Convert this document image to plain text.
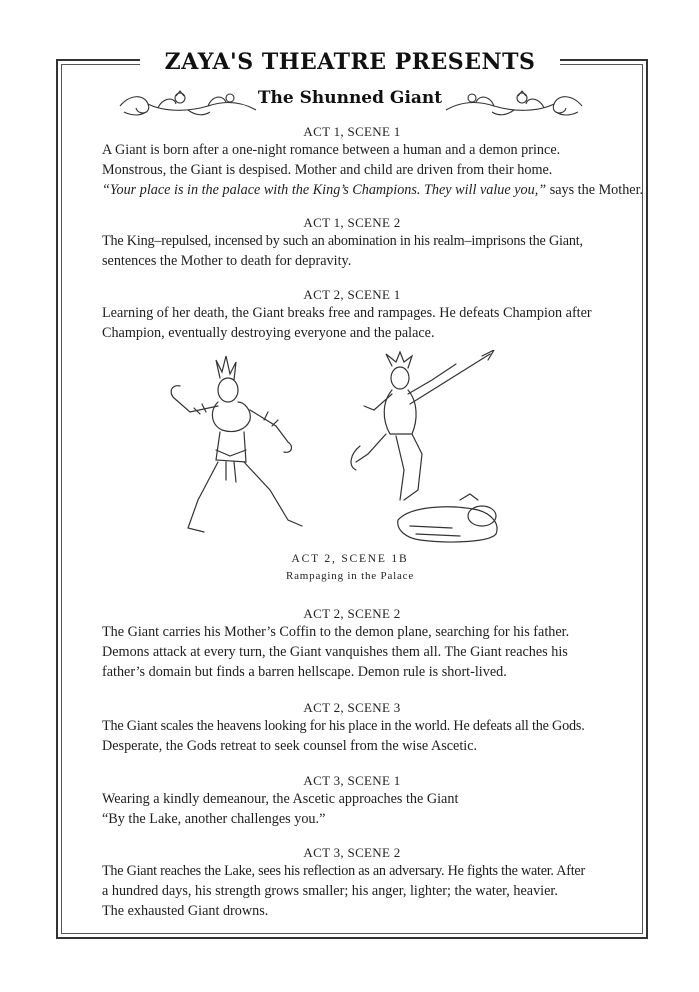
ZAYA'S THEATRE PRESENTS
The Shunned Giant
ACT 1, SCENE 1

A Giant is born after a one-night romance between a human and a demon prince.

Monstrous, the Giant is despised. Mother and child are driven from their home.

“Your place is in the palace with the King’s Champions. They will value you,” says the Mother.

ACT 1, SCENE 2

The King–repulsed, incensed by such an abomination in his realm–imprisons the Giant,

sentences the Mother to death for depravity.

ACT 2, SCENE 1

Learning of her death, the Giant breaks free and rampages. He defeats Champion after

Champion, eventually destroying everyone and the palace.

ACT 2, SCENE 1B
Rampaging in the Palace
ACT 2, SCENE 2

The Giant carries his Mother’s Coffin to the demon plane, searching for his father.

Demons attack at every turn, the Giant vanquishes them all. The Giant reaches his

father’s domain but finds a barren hellscape. Demon rule is short-lived.

ACT 2, SCENE 3

The Giant scales the heavens looking for his place in the world. He defeats all the Gods.

Desperate, the Gods retreat to seek counsel from the wise Ascetic.

ACT 3, SCENE 1

Wearing a kindly demeanour, the Ascetic approaches the Giant

“By the Lake, another challenges you.”

ACT 3, SCENE 2

The Giant reaches the Lake, sees his reflection as an adversary. He fights the water. After

a hundred days, his strength grows smaller; his anger, lighter; the water, heavier.

The exhausted Giant drowns.
